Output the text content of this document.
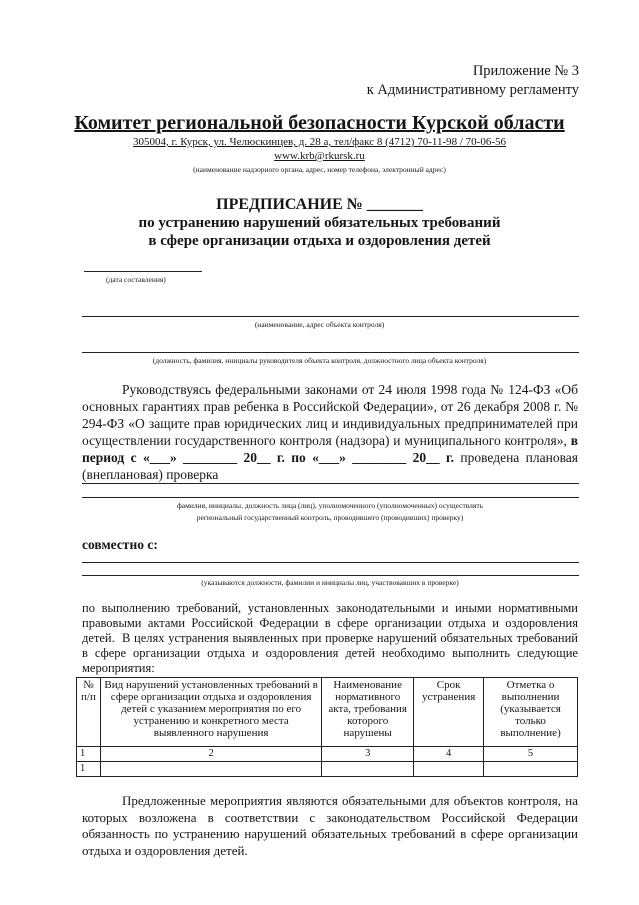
Приложение № 3
к Административному регламенту
Комитет региональной безопасности Курской области
305004, г. Курск, ул. Челюскинцев, д. 28 а, тел/факс 8 (4712) 70-11-98 / 70-06-56
www.krb@rkursk.ru
(наименование надзорного органа, адрес, номер телефона, электронный адрес)
ПРЕДПИСАНИЕ № _______
по устранению нарушений обязательных требований
в сфере организации отдыха и оздоровления детей
(дата составления)
(наименование, адрес объекта контроля)
(должность, фамилия, инициалы руководителя объекта контроля, должностного лица объекта контроля)
Руководствуясь федеральными законами от 24 июля 1998 года № 124-ФЗ «Об основных гарантиях прав ребенка в Российской Федерации», от 26 декабря 2008 г. № 294-ФЗ «О защите прав юридических лиц и индивидуальных предпринимателей при осуществлении государственного контроля (надзора) и муниципального контроля», в период с «___» ________ 20__ г. по «___» ________ 20__ г. проведена плановая (внеплановая) проверка
фамилия, инициалы, должность лица (лиц), уполномоченного (уполномоченных) осуществлять
региональный государственный контроль, проводившего (проводивших) проверку)
совместно с:
(указываются должности, фамилии и инициалы лиц, участвовавших в проверке)
по выполнению требований, установленных законодательными и иными нормативными правовыми актами Российской Федерации в сфере организации отдыха и оздоровления детей. В целях устранения выявленных при проверке нарушений обязательных требований в сфере организации отдыха и оздоровления детей необходимо выполнить следующие мероприятия:
№ п/п	Вид нарушений установленных требований в сфере организации отдыха и оздоровления детей с указанием мероприятия по его устранению и конкретного места выявленного нарушения	Наименование нормативного акта, требования которого нарушены	Срок устранения	Отметка о выполнении (указывается только выполнение)
1	2	3	4	5
1				
Предложенные мероприятия являются обязательными для объектов контроля, на которых возложена в соответствии с законодательством Российской Федерации обязанность по устранению нарушений обязательных требований в сфере организации отдыха и оздоровления детей.
